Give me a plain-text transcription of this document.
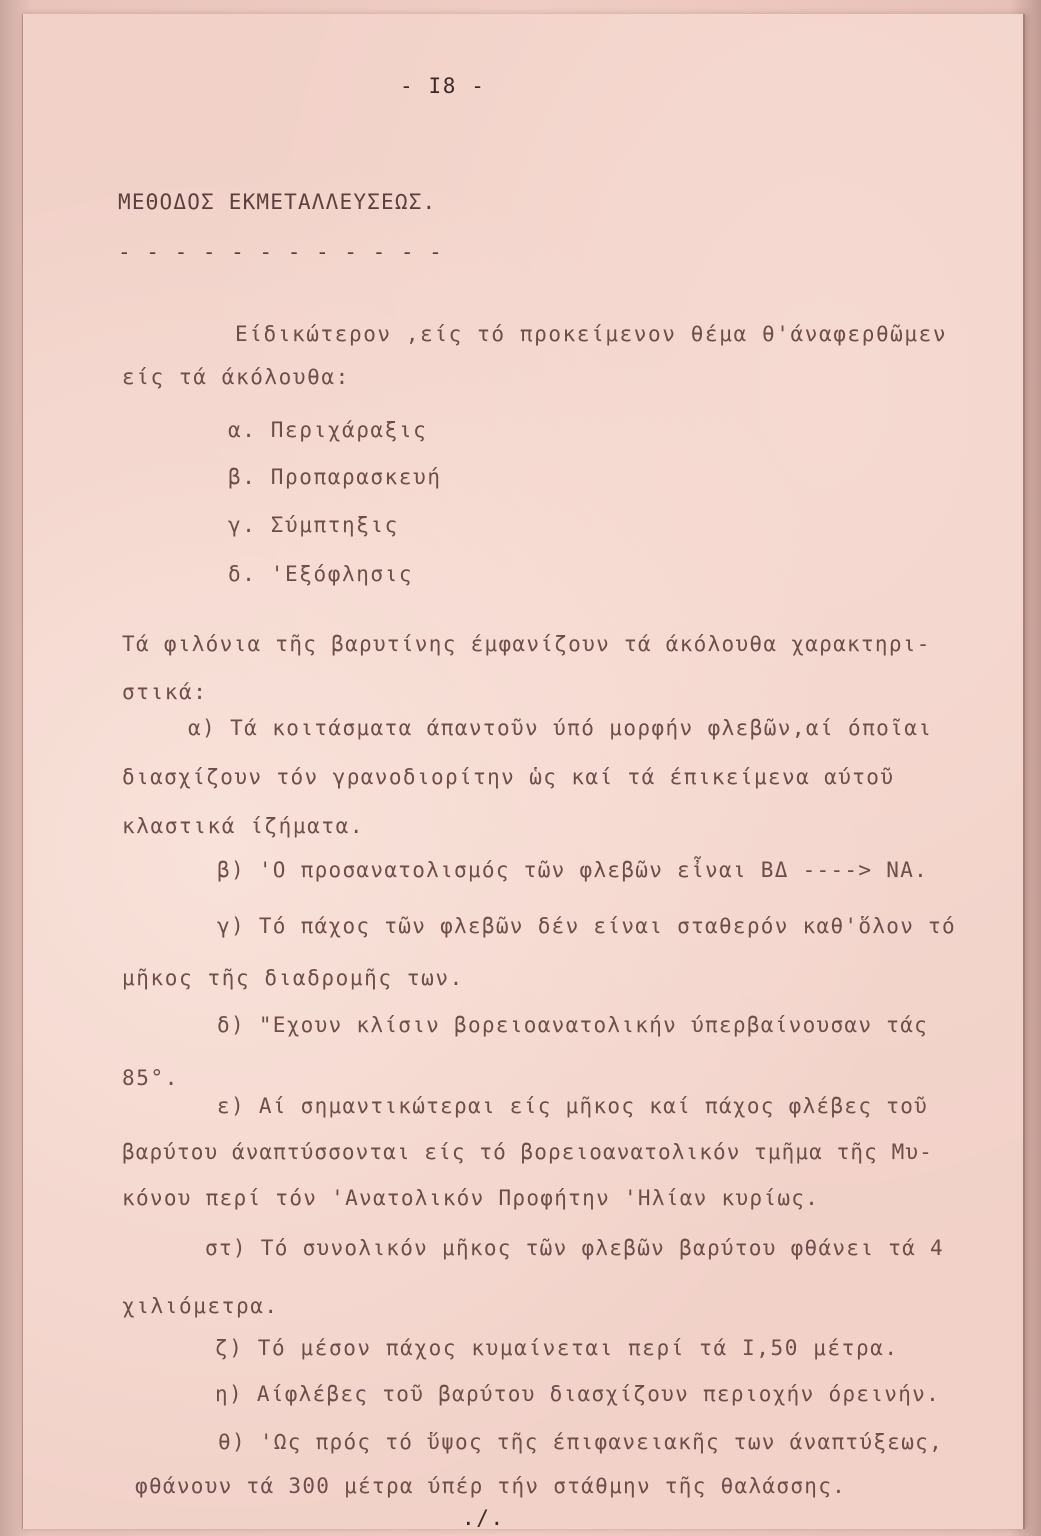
- I8 -
ΜΕΘΟΔΟΣ ΕΚΜΕΤΑΛΛΕΥΣΕΩΣ.
- - - - - - - - - - - -
Είδικώτερον ,είς τό προκείμενον θέμα θ'άναφερθῶμεν
είς τά άκόλουθα:
α. Περιχάραξις
β. Προπαρασκευή
γ. Σύμπτηξις
δ. 'Εξόφλησις
Τά φιλόνια τῆς βαρυτίνης έμφανίζουν τά άκόλουθα χαρακτηρι-
στικά:
α) Τά κοιτάσματα άπαντοῦν ύπό μορφήν φλεβῶν,αί όποῖαι
διασχίζουν τόν γρανοδιορίτην ὡς καί τά έπικείμενα αύτοῦ
κλαστικά ίζήματα.
β) 'Ο προσανατολισμός τῶν φλεβῶν εἶναι ΒΔ ----> ΝΑ.
γ) Τό πάχος τῶν φλεβῶν δέν είναι σταθερόν καθ'ὅλον τό
μῆκος τῆς διαδρομῆς των.
δ) "Εχουν κλίσιν βορειοανατολικήν ύπερβαίνουσαν τάς
85°.
ε) Αί σημαντικώτεραι είς μῆκος καί πάχος φλέβες τοῦ
βαρύτου άναπτύσσονται είς τό βορειοανατολικόν τμῆμα τῆς Μυ-
κόνου περί τόν 'Ανατολικόν Προφήτην 'Ηλίαν κυρίως.
στ) Τό συνολικόν μῆκος τῶν φλεβῶν βαρύτου φθάνει τά 4
χιλιόμετρα.
ζ) Τό μέσον πάχος κυμαίνεται περί τά Ι,50 μέτρα.
η) Αίφλέβες τοῦ βαρύτου διασχίζουν περιοχήν όρεινήν.
θ) 'Ως πρός τό ὕψος τῆς έπιφανειακῆς των άναπτύξεως,
φθάνουν τά 300 μέτρα ύπέρ τήν στάθμην τῆς θαλάσσης.
./.
